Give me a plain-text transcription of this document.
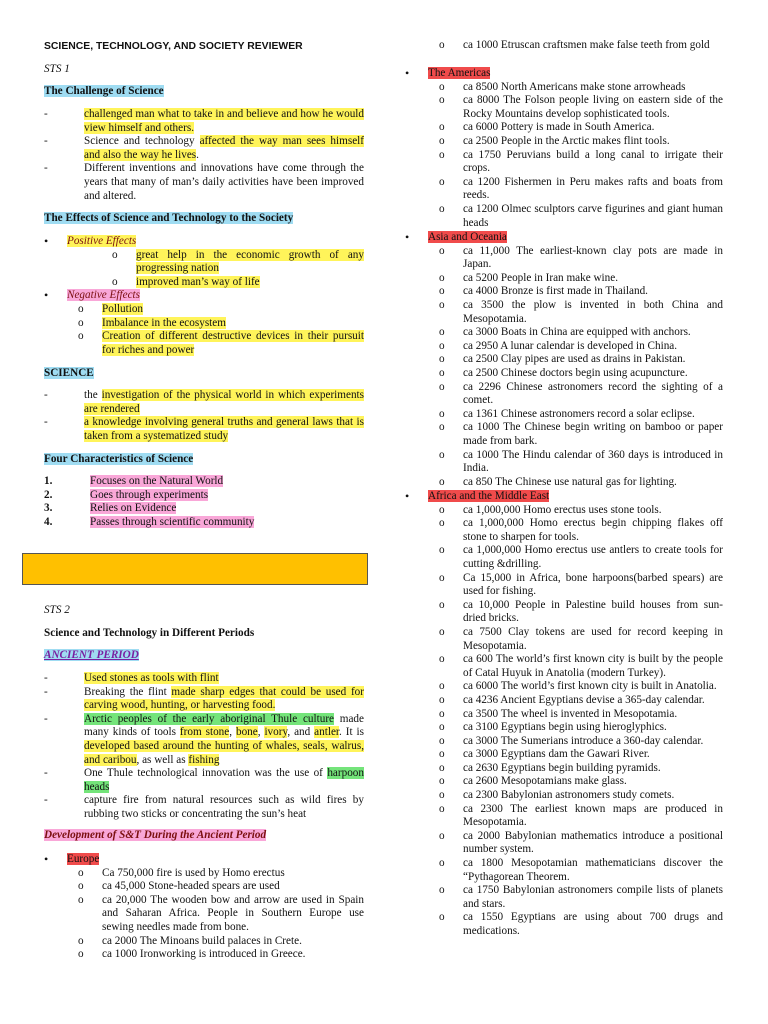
SCIENCE, TECHNOLOGY, AND SOCIETY REVIEWER
STS 1
The Challenge of Science
-	challenged man what to take in and believe and how he would view himself and others.
-	Science and technology affected the way man sees himself and also the way he lives.
-	Different inventions and innovations have come through the years that many of man’s daily activities have been improved and altered.
The Effects of Science and Technology to the Society
•	Positive Effects
o	great help in the economic growth of any progressing nation
o	improved man’s way of life
•	Negative Effects
o	Pollution
o	Imbalance in the ecosystem
o	Creation of different destructive devices in their pursuit for riches and power
SCIENCE
-	the investigation of the physical world in which experiments are rendered
-	a knowledge involving general truths and general laws that is taken from a systematized study
Four Characteristics of Science
1.	Focuses on the Natural World
2.	Goes through experiments
3.	Relies on Evidence
4.	Passes through scientific community
STS 2
Science and Technology in Different Periods
ANCIENT PERIOD
-	Used stones as tools with flint
-	Breaking the flint made sharp edges that could be used for carving wood, hunting, or harvesting food.
-	Arctic peoples of the early aboriginal Thule culture made many kinds of tools from stone, bone, ivory, and antler. It is developed based around the hunting of whales, seals, walrus, and caribou, as well as fishing
-	One Thule technological innovation was the use of harpoon heads
-	capture fire from natural resources such as wild fires by rubbing two sticks or concentrating the sun’s heat
Development of S&T During the Ancient Period
•	Europe
o	Ca 750,000 fire is used by Homo erectus
o	ca 45,000 Stone-headed spears are used
o	ca 20,000 The wooden bow and arrow are used in Spain and Saharan Africa. People in Southern Europe use sewing needles made from bone.
o	ca 2000 The Minoans build palaces in Crete.
o	ca 1000 Ironworking is introduced in Greece.
o	ca 1000 Etruscan craftsmen make false teeth from gold
•	The Americas
o	ca 8500 North Americans make stone arrowheads
o	ca 8000 The Folson people living on eastern side of the Rocky Mountains develop sophisticated tools.
o	ca 6000 Pottery is made in South America.
o	ca 2500 People in the Arctic makes flint tools.
o	ca 1750 Peruvians build a long canal to irrigate their crops.
o	ca 1200 Fishermen in Peru makes rafts and boats from reeds.
o	ca 1200 Olmec sculptors carve figurines and giant human heads
•	Asia and Oceania
o	ca 11,000 The earliest-known clay pots are made in Japan.
o	ca 5200 People in Iran make wine.
o	ca 4000 Bronze is first made in Thailand.
o	ca 3500 the plow is invented in both China and Mesopotamia.
o	ca 3000 Boats in China are equipped with anchors.
o	ca 2950 A lunar calendar is developed in China.
o	ca 2500 Clay pipes are used as drains in Pakistan.
o	ca 2500 Chinese doctors begin using acupuncture.
o	ca 2296 Chinese astronomers record the sighting of a comet.
o	ca 1361 Chinese astronomers record a solar eclipse.
o	ca 1000 The Chinese begin writing on bamboo or paper made from bark.
o	ca 1000 The Hindu calendar of 360 days is introduced in India.
o	ca 850 The Chinese use natural gas for lighting.
•	Africa and the Middle East
o	ca 1,000,000 Homo erectus uses stone tools.
o	ca 1,000,000 Homo erectus begin chipping flakes off stone to sharpen for tools.
o	ca 1,000,000 Homo erectus use antlers to create tools for cutting &drilling.
o	Ca 15,000 in Africa, bone harpoons(barbed spears) are used for fishing.
o	ca 10,000 People in Palestine build houses from sun- dried bricks.
o	ca 7500 Clay tokens are used for record keeping in Mesopotamia.
o	ca 600 The world’s first known city is built by the people of Catal Huyuk in Anatolia (modern Turkey).
o	ca 6000 The world’s first known city is built in Anatolia.
o	ca 4236 Ancient Egyptians devise a 365-day calendar.
o	ca 3500 The wheel is invented in Mesopotamia.
o	ca 3100 Egyptians begin using hieroglyphics.
o	ca 3000 The Sumerians introduce a 360-day calendar.
o	ca 3000 Egyptians dam the Gawari River.
o	ca 2630 Egyptians begin building pyramids.
o	ca 2600 Mesopotamians make glass.
o	ca 2300 Babylonian astronomers study comets.
o	ca 2300 The earliest known maps are produced in Mesopotamia.
o	ca 2000 Babylonian mathematics introduce a positional number system.
o	ca 1800 Mesopotamian mathematicians discover the “Pythagorean Theorem.
o	ca 1750 Babylonian astronomers compile lists of planets and stars.
o	ca 1550 Egyptians are using about 700 drugs and medications.
